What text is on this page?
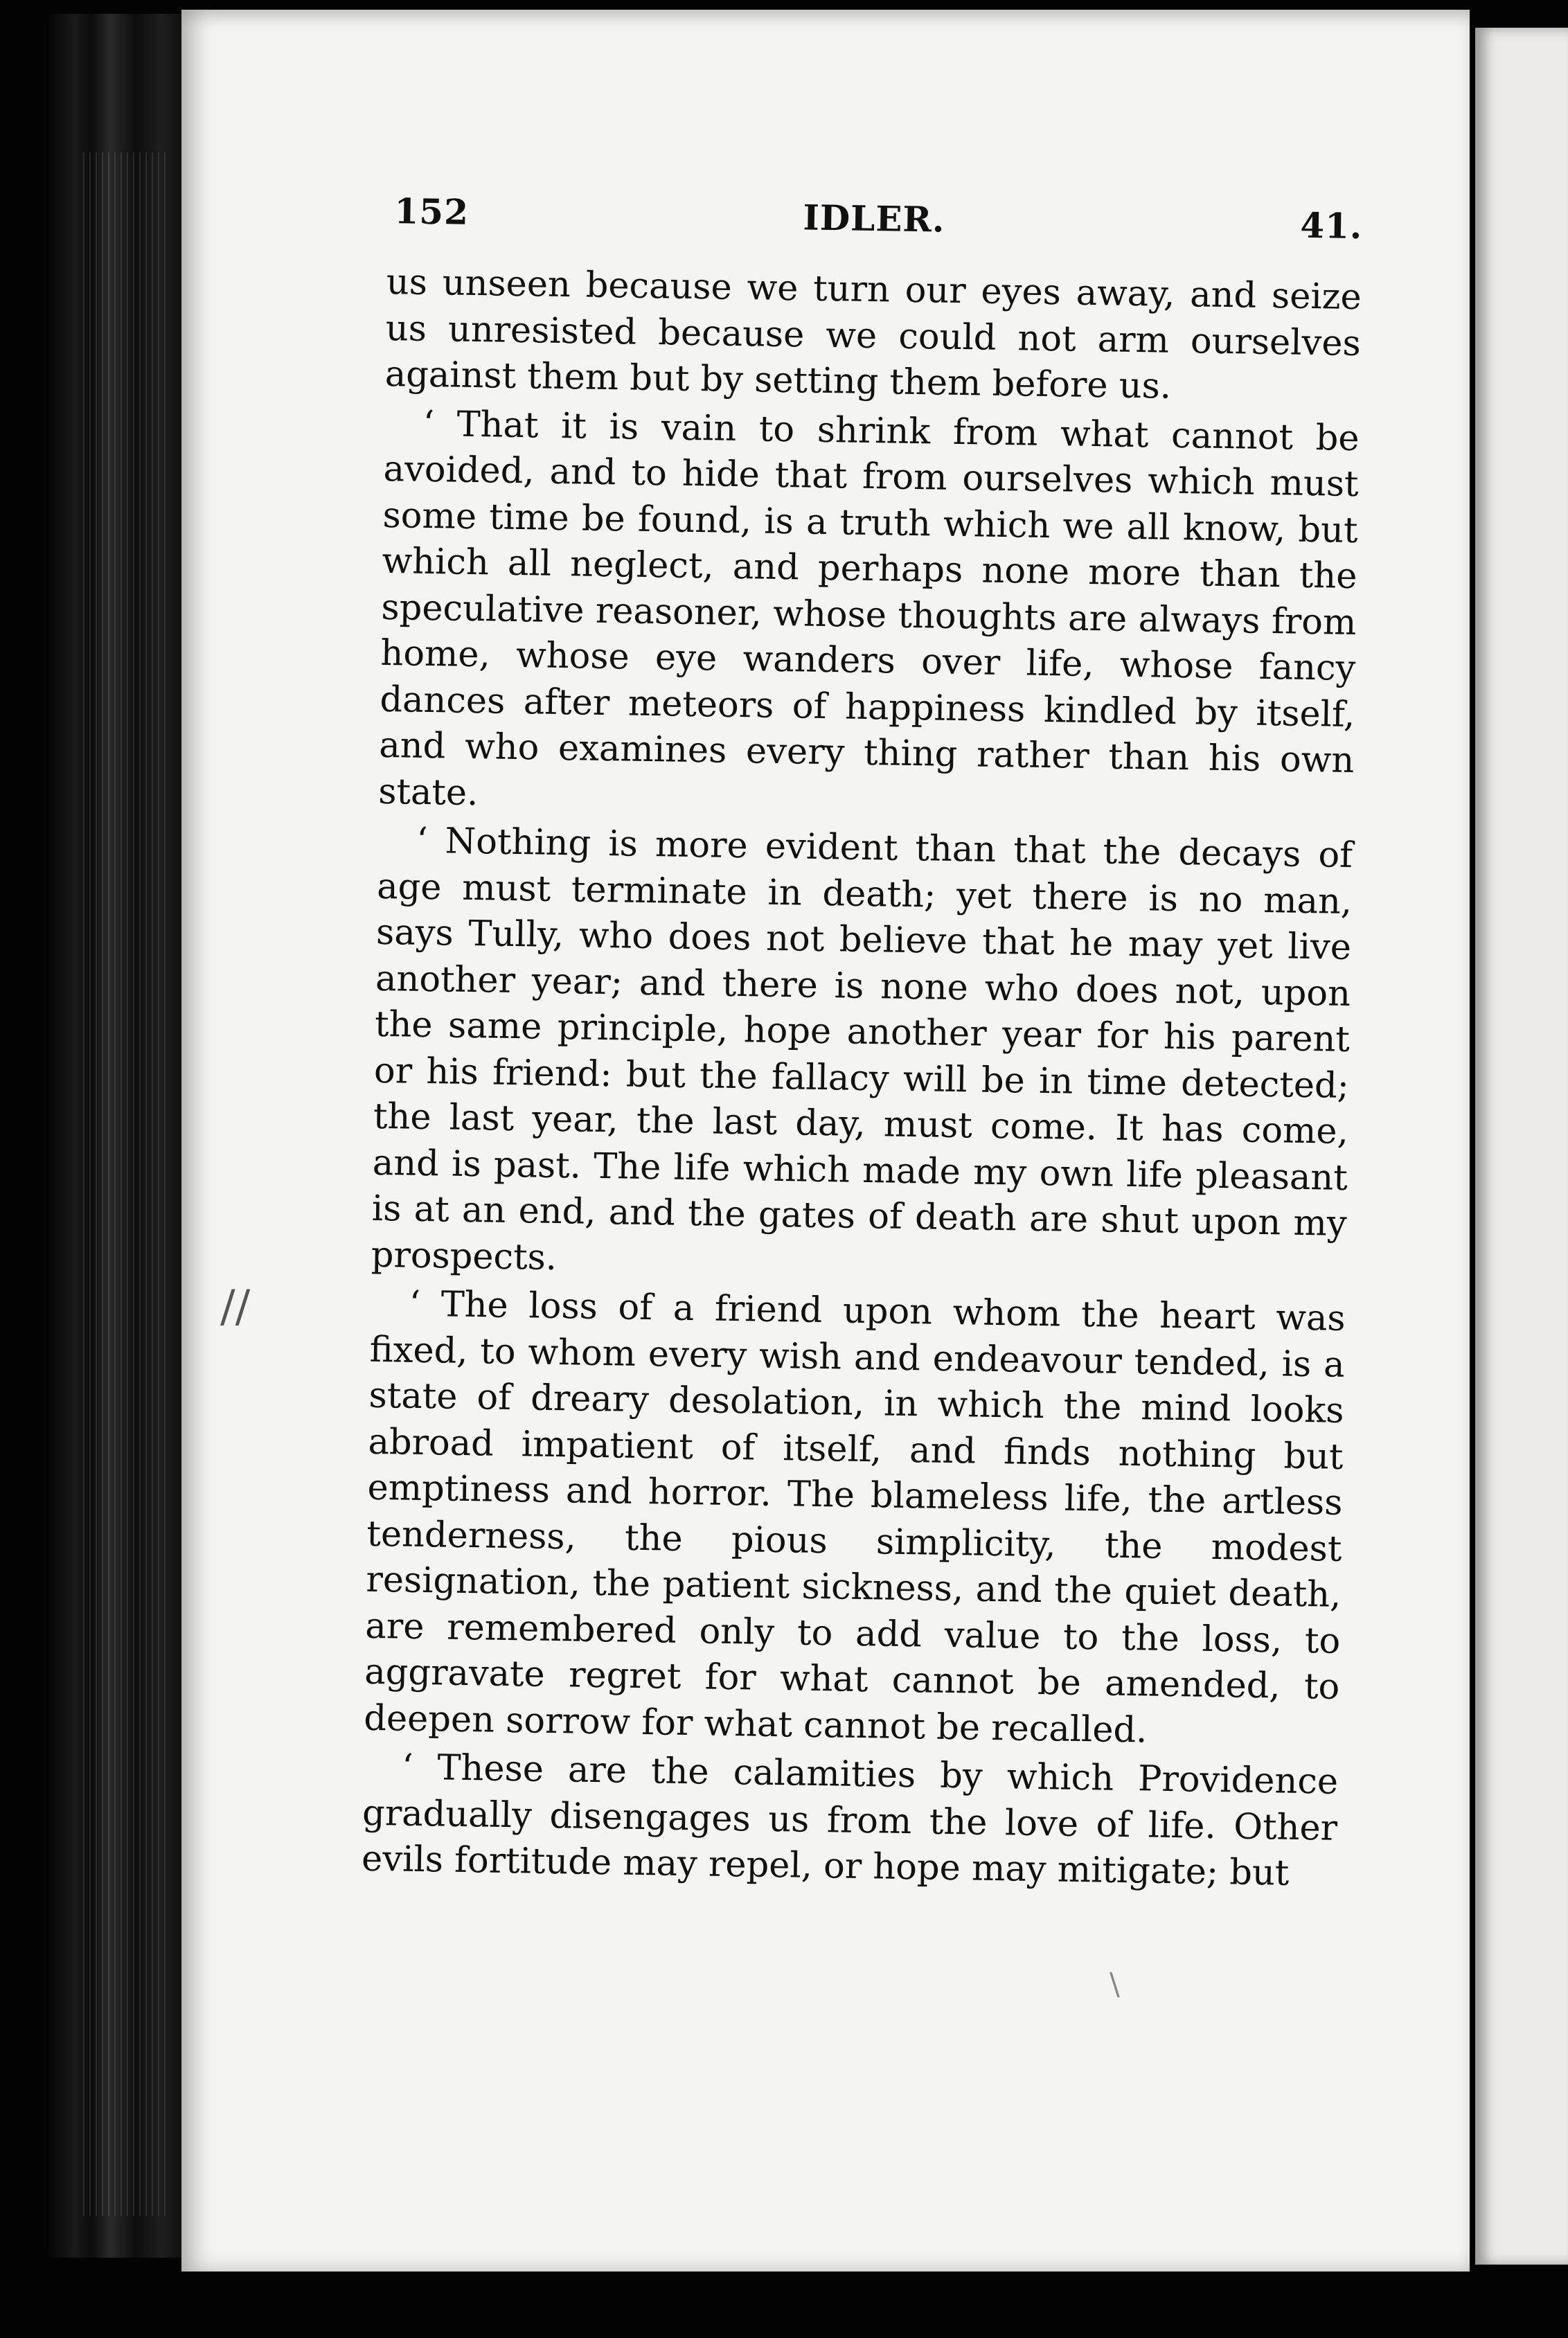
152	IDLER.	41.

us unseen because we turn our eyes away, and seize us unresisted because we could not arm ourselves against them but by setting them before us.

‘ That it is vain to shrink from what cannot be avoided, and to hide that from ourselves which must some time be found, is a truth which we all know, but which all neglect, and perhaps none more than the speculative reasoner, whose thoughts are always from home, whose eye wanders over life, whose fancy dances after meteors of happiness kindled by itself, and who examines every thing rather than his own state.

‘ Nothing is more evident than that the decays of age must terminate in death; yet there is no man, says Tully, who does not believe that he may yet live another year; and there is none who does not, upon the same principle, hope another year for his parent or his friend: but the fallacy will be in time detected; the last year, the last day, must come. It has come, and is past. The life which made my own life pleasant is at an end, and the gates of death are shut upon my prospects.

‘ The loss of a friend upon whom the heart was fixed, to whom every wish and endeavour tended, is a state of dreary desolation, in which the mind looks abroad impatient of itself, and finds nothing but emptiness and horror. The blameless life, the artless tenderness, the pious simplicity, the modest resignation, the patient sickness, and the quiet death, are remembered only to add value to the loss, to aggravate regret for what cannot be amended, to deepen sorrow for what cannot be recalled.

‘ These are the calamities by which Providence gradually disengages us from the love of life. Other evils fortitude may repel, or hope may mitigate; but

//
\
